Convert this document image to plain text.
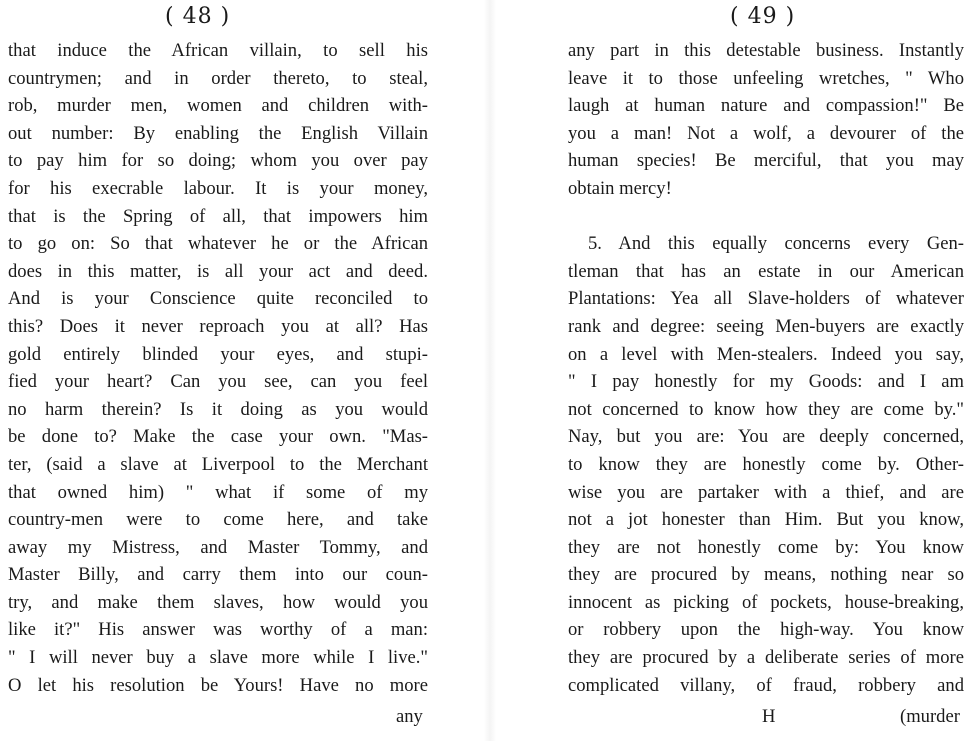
( 48 )
that induce the African villain, to sell his
countrymen; and in order thereto, to steal,
rob, murder men, women and children with-
out number: By enabling the English Villain
to pay him for so doing; whom you over pay
for his execrable labour. It is your money,
that is the Spring of all, that impowers him
to go on: So that whatever he or the African
does in this matter, is all your act and deed.
And is your Conscience quite reconciled to
this? Does it never reproach you at all? Has
gold entirely blinded your eyes, and stupi-
fied your heart? Can you see, can you feel
no harm therein? Is it doing as you would
be done to? Make the case your own. "Mas-
ter, (said a slave at Liverpool to the Merchant
that owned him) " what if some of my
country-men were to come here, and take
away my Mistress, and Master Tommy, and
Master Billy, and carry them into our coun-
try, and make them slaves, how would you
like it?" His answer was worthy of a man:
" I will never buy a slave more while I live."
O let his resolution be Yours! Have no more
any
( 49 )
any part in this detestable business. Instantly
leave it to those unfeeling wretches, " Who
laugh at human nature and compassion!" Be
you a man! Not a wolf, a devourer of the
human species! Be merciful, that you may
obtain mercy!
5. And this equally concerns every Gen-
tleman that has an estate in our American
Plantations: Yea all Slave-holders of whatever
rank and degree: seeing Men-buyers are exactly
on a level with Men-stealers. Indeed you say,
" I pay honestly for my Goods: and I am
not concerned to know how they are come by."
Nay, but you are: You are deeply concerned,
to know they are honestly come by. Other-
wise you are partaker with a thief, and are
not a jot honester than Him. But you know,
they are not honestly come by: You know
they are procured by means, nothing near so
innocent as picking of pockets, house-breaking,
or robbery upon the high-way. You know
they are procured by a deliberate series of more
complicated villany, of fraud, robbery and
H	(murder
